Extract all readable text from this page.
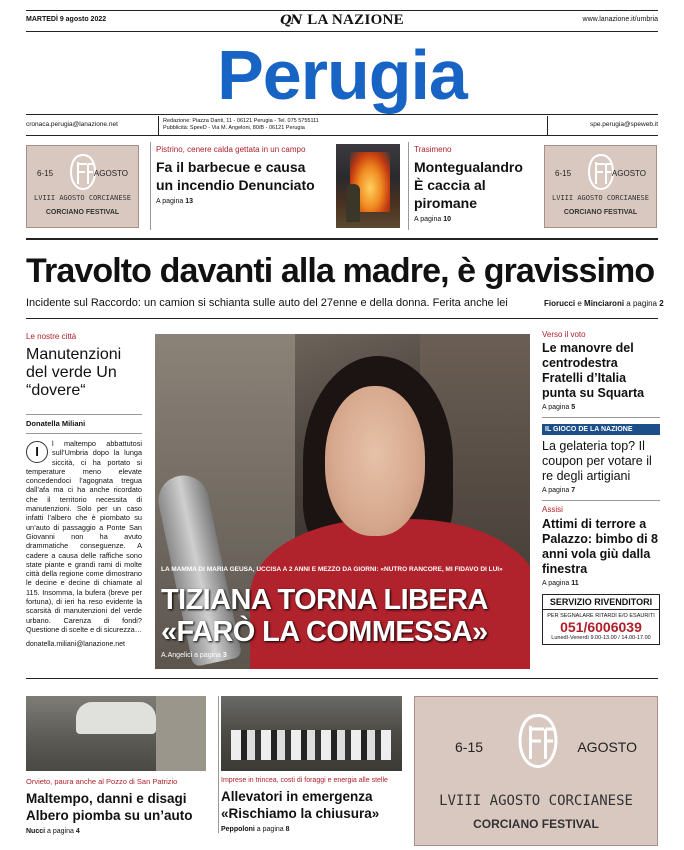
MARTEDÌ 9 agosto 2022	QN LA NAZIONE	www.lanazione.it/umbria
Perugia
cronaca.perugia@lanazione.net	Redazione: Piazza Danti, 11 - 06121 Perugia - Tel. 075 5755111
Pubblicità: SpeeD - Via M. Angeloni, 80/B - 06121 Perugia	spe.perugia@speweb.it
6-15	AGOSTO
LVIII AGOSTO CORCIANESE
CORCIANO FESTIVAL
Pistrino, cenere calda gettata in un campo
Fa il barbecue e causa un incendio Denunciato
A pagina 13
Trasimeno
Montegualandro È caccia al piromane
A pagina 10
6-15	AGOSTO
LVIII AGOSTO CORCIANESE
CORCIANO FESTIVAL
Travolto davanti alla madre, è gravissimo
Incidente sul Raccordo: un camion si schianta sulle auto del 27enne e della donna. Ferita anche lei	Fiorucci e Minciaroni a pagina 2
Le nostre città
Manutenzioni del verde Un “dovere“
Donatella Miliani
I
l maltempo abbattutosi sull’Umbria dopo la lunga siccità, ci ha portato si temperature meno elevate concedendoci l’agognata tregua dall’afa ma ci ha anche ricordato che il territorio necessita di manutenzioni. Solo per un caso infatti l’albero che è piombato su un’auto di passaggio a Ponte San Giovanni non ha avuto drammatiche conseguenze. A cadere a causa delle raffiche sono state piante e grandi rami di molte città della regione come dimostrano le decine e decine di chiamate al 115. Insomma, la bufera (breve per fortuna), di ieri ha reso evidente la scarsità di manutenzioni del verde urbano. Carenza di fondi? Questione di scelte e di sicurezza…
donatella.miliani@lanazione.net
LA MAMMA DI MARIA GEUSA, UCCISA A 2 ANNI E MEZZO DA GIORNI: «NUTRO RANCORE, MI FIDAVO DI LUI»
TIZIANA TORNA LIBERA
«FARÒ LA COMMESSA»
A.Angelici a pagina 3
Verso il voto
Le manovre del centrodestra Fratelli d’Italia punta su Squarta
A pagina 5
IL GIOCO DE LA NAZIONE
La gelateria top? Il coupon per votare il re degli artigiani
A pagina 7
Assisi
Attimi di terrore a Palazzo: bimbo di 8 anni vola giù dalla finestra
A pagina 11
SERVIZIO RIVENDITORI
PER SEGNALARE RITARDI E/O ESAURITI
051/6006039
Lunedì-Venerdì 9.00-13.00 / 14.00-17.00
Orvieto, paura anche al Pozzo di San Patrizio
Maltempo, danni e disagi Albero piomba su un’auto
Nucci a pagina 4
Imprese in trincea, costi di foraggi e energia alle stelle
Allevatori in emergenza «Rischiamo la chiusura»
Peppoloni a pagina 8
6-15	AGOSTO
LVIII AGOSTO CORCIANESE
CORCIANO FESTIVAL
